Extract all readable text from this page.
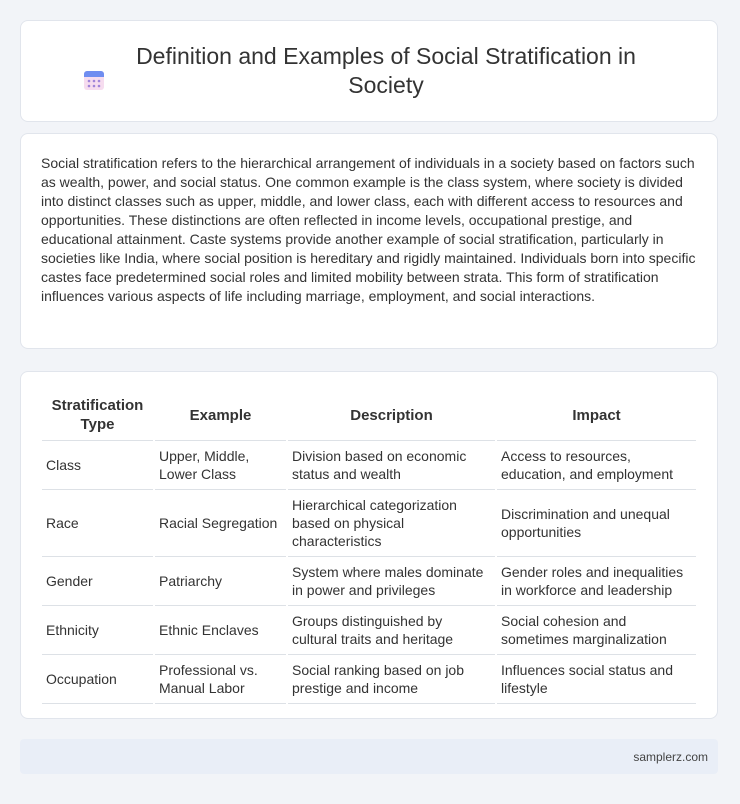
Definition and Examples of Social Stratification in Society

Social stratification refers to the hierarchical arrangement of individuals in a society based on factors such as wealth, power, and social status. One common example is the class system, where society is divided into distinct classes such as upper, middle, and lower class, each with different access to resources and opportunities. These distinctions are often reflected in income levels, occupational prestige, and educational attainment. Caste systems provide another example of social stratification, particularly in societies like India, where social position is hereditary and rigidly maintained. Individuals born into specific castes face predetermined social roles and limited mobility between strata. This form of stratification influences various aspects of life including marriage, employment, and social interactions.

Stratification Type	Example	Description	Impact
Class	Upper, Middle, Lower Class	Division based on economic status and wealth	Access to resources, education, and employment
Race	Racial Segregation	Hierarchical categorization based on physical characteristics	Discrimination and unequal opportunities
Gender	Patriarchy	System where males dominate in power and privileges	Gender roles and inequalities in workforce and leadership
Ethnicity	Ethnic Enclaves	Groups distinguished by cultural traits and heritage	Social cohesion and sometimes marginalization
Occupation	Professional vs. Manual Labor	Social ranking based on job prestige and income	Influences social status and lifestyle
samplerz.com
